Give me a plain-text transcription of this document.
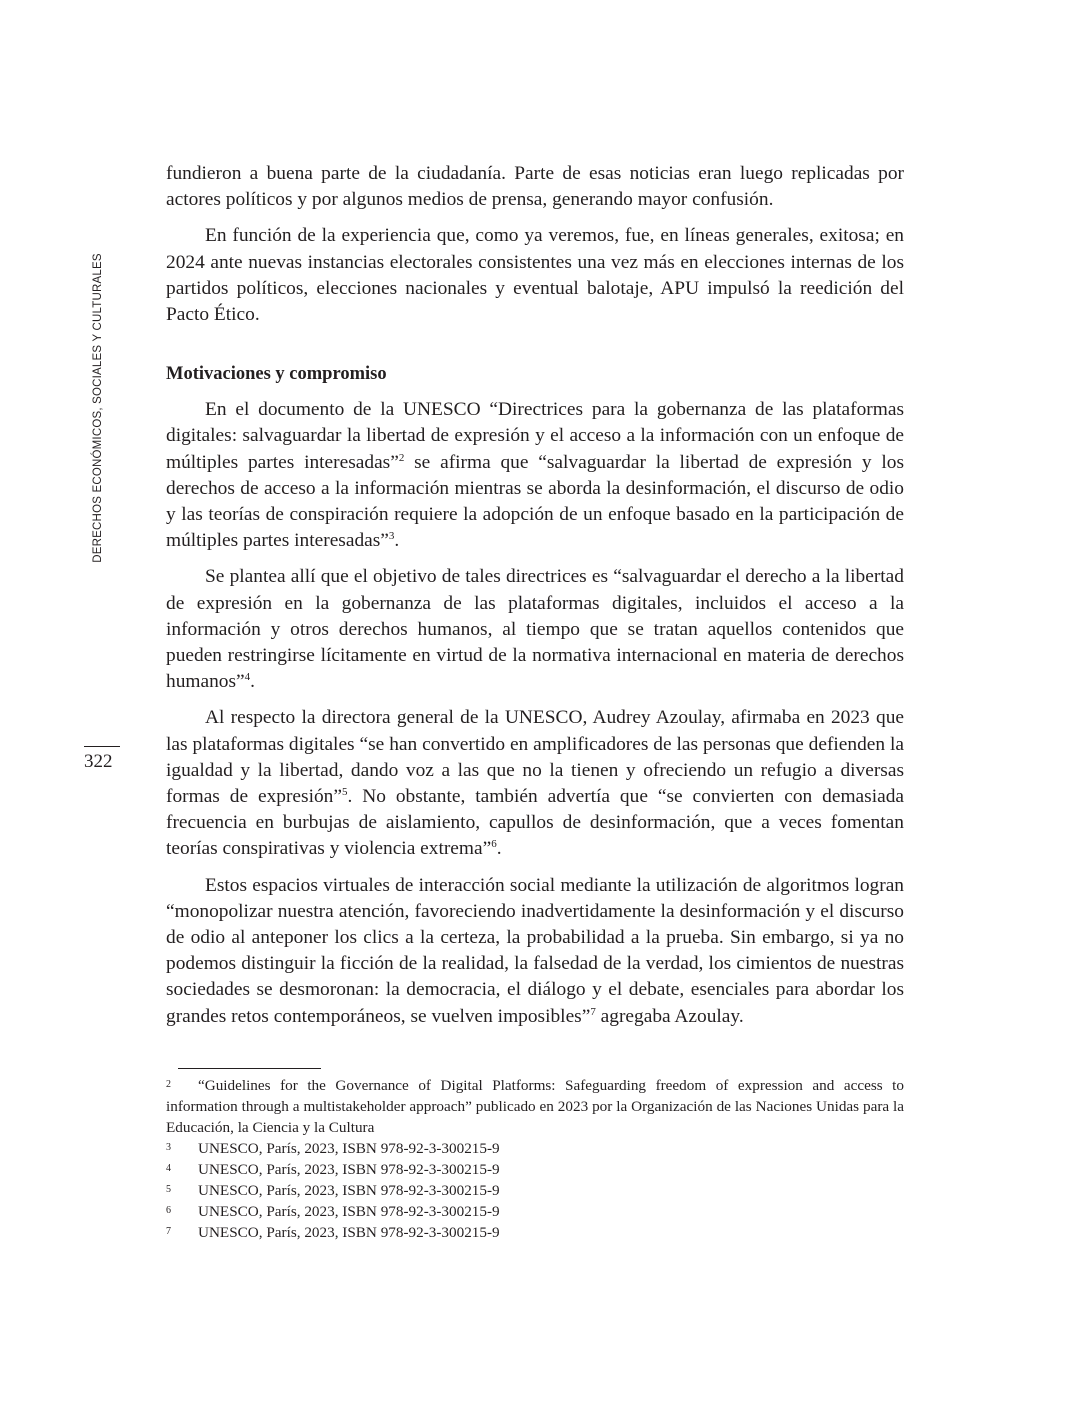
DERECHOS ECONÓMICOS, SOCIALES Y CULTURALES
322

fundieron a buena parte de la ciudadanía. Parte de esas noticias eran luego replicadas por actores políticos y por algunos medios de prensa, generando mayor confusión.

En función de la experiencia que, como ya veremos, fue, en líneas generales, exitosa; en 2024 ante nuevas instancias electorales consistentes una vez más en elecciones internas de los partidos políticos, elecciones nacionales y eventual balotaje, APU impulsó la reedición del Pacto Ético.

Motivaciones y compromiso

En el documento de la UNESCO “Directrices para la gobernanza de las plataformas digitales: salvaguardar la libertad de expresión y el acceso a la información con un enfoque de múltiples partes interesadas”$^2$ se afirma que “salvaguardar la libertad de expresión y los derechos de acceso a la información mientras se aborda la desinformación, el discurso de odio y las teorías de conspiración requiere la adopción de un enfoque basado en la participación de múltiples partes interesadas”$^3$.

Se plantea allí que el objetivo de tales directrices es “salvaguardar el derecho a la libertad de expresión en la gobernanza de las plataformas digitales, incluidos el acceso a la información y otros derechos humanos, al tiempo que se tratan aquellos contenidos que pueden restringirse lícitamente en virtud de la normativa internacional en materia de derechos humanos”$^4$.

Al respecto la directora general de la UNESCO, Audrey Azoulay, afirmaba en 2023 que las plataformas digitales “se han convertido en amplificadores de las personas que defienden la igualdad y la libertad, dando voz a las que no la tienen y ofreciendo un refugio a diversas formas de expresión”$^5$. No obstante, también advertía que “se convierten con demasiada frecuencia en burbujas de aislamiento, capullos de desinformación, que a veces fomentan teorías conspirativas y violencia extrema”$^6$.

Estos espacios virtuales de interacción social mediante la utilización de algoritmos logran “monopolizar nuestra atención, favoreciendo inadvertidamente la desinformación y el discurso de odio al anteponer los clics a la certeza, la probabilidad a la prueba. Sin embargo, si ya no podemos distinguir la ficción de la realidad, la falsedad de la verdad, los cimientos de nuestras sociedades se desmoronan: la democracia, el diálogo y el debate, esenciales para abordar los grandes retos contemporáneos, se vuelven imposibles”$^7$ agregaba Azoulay.

2 “Guidelines for the Governance of Digital Platforms: Safeguarding freedom of expression and access to information through a multistakeholder approach” publicado en 2023 por la Organización de las Naciones Unidas para la Educación, la Ciencia y la Cultura
3 UNESCO, París, 2023, ISBN 978-92-3-300215-9
4 UNESCO, París, 2023, ISBN 978-92-3-300215-9
5 UNESCO, París, 2023, ISBN 978-92-3-300215-9
6 UNESCO, París, 2023, ISBN 978-92-3-300215-9
7 UNESCO, París, 2023, ISBN 978-92-3-300215-9
